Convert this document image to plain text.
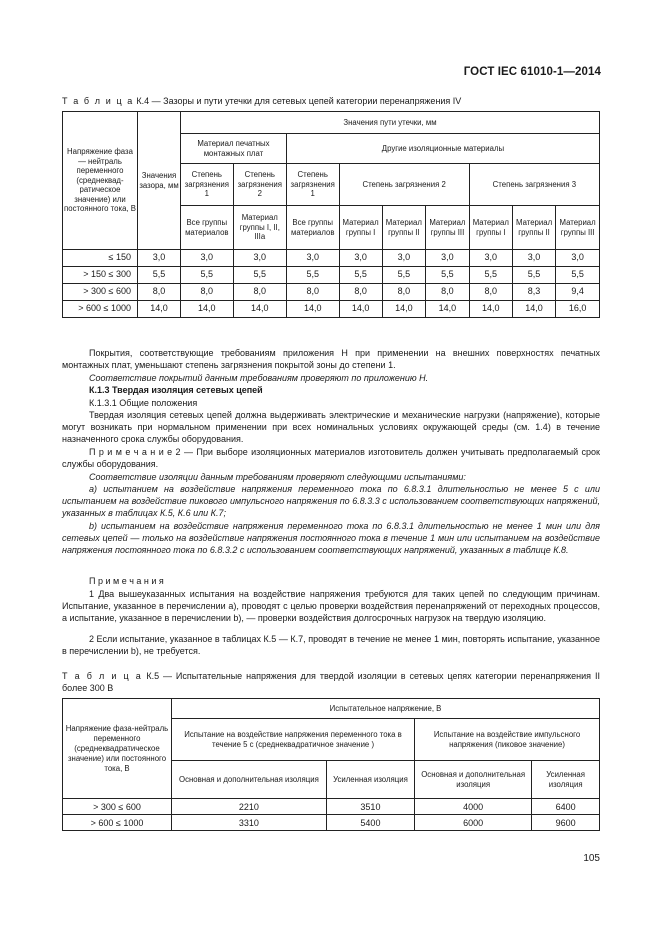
ГОСТ IEC 61010-1—2014
Т а б л и ц а К.4 — Зазоры и пути утечки для сетевых цепей категории перенапряжения IV
Напряжение фаза — нейтраль переменного (среднеквад-ратическое значение) или постоянного тока, В	Значения зазора, мм	Значения пути утечки, мм								
		Материал печатных монтажных плат		Другие изоляционные материалы						
		Степень загрязнения 1	Степень загрязнения 2	Степень загрязнения 1	Степень загрязнения 2			Степень загрязнения 3		
		Все группы материалов	Материал группы I, II, IIIa	Все группы материалов	Материал группы I	Материал группы II	Материал группы III	Материал группы I	Материал группы II	Материал группы III
≤ 150	3,0	3,0	3,0	3,0	3,0	3,0	3,0	3,0	3,0	3,0
> 150 ≤ 300	5,5	5,5	5,5	5,5	5,5	5,5	5,5	5,5	5,5	5,5
> 300 ≤ 600	8,0	8,0	8,0	8,0	8,0	8,0	8,0	8,0	8,3	9,4
> 600 ≤ 1000	14,0	14,0	14,0	14,0	14,0	14,0	14,0	14,0	14,0	16,0
Покрытия, соответствующие требованиям приложения Н при применении на внешних поверхностях печатных монтажных плат, уменьшают степень загрязнения покрытой зоны до степени 1.
Соответствие покрытий данным требованиям проверяют по приложению Н.
К.1.3 Твердая изоляция сетевых цепей
К.1.3.1 Общие положения
Твердая изоляция сетевых цепей должна выдерживать электрические и механические нагрузки (напряжение), которые могут возникать при нормальном применении при всех номинальных условиях окружающей среды (см. 1.4) в течение назначенного срока службы оборудования.
П р и м е ч а н и е 2 — При выборе изоляционных материалов изготовитель должен учитывать предполагаемый срок службы оборудования.
Соответствие изоляции данным требованиям проверяют следующими испытаниями:
а) испытанием на воздействие напряжения переменного тока по 6.8.3.1 длительностью не менее 5 с или испытанием на воздействие пикового импульсного напряжения по 6.8.3.3 с использованием соответствующих напряжений, указанных в таблицах К.5, К.6 или К.7;
b) испытанием на воздействие напряжения переменного тока по 6.8.3.1 длительностью не менее 1 мин или для сетевых цепей — только на воздействие напряжения постоянного тока в течение 1 мин или испытанием на воздействие напряжения постоянного тока по 6.8.3.2 с использованием соответствующих напряжений, указанных в таблице К.8.
П р и м е ч а н и я
1 Два вышеуказанных испытания на воздействие напряжения требуются для таких цепей по следующим причинам. Испытание, указанное в перечислении а), проводят с целью проверки воздействия перенапряжений от переходных процессов, а испытание, указанное в перечислении b), — проверки воздействия долгосрочных нагрузок на твердую изоляцию.
2 Если испытание, указанное в таблицах К.5 — К.7, проводят в течение не менее 1 мин, повторять испытание, указанное в перечислении b), не требуется.
Т а б л и ц а К.5 — Испытательные напряжения для твердой изоляции в сетевых цепях категории перенапряжения II более 300 В
Напряжение фаза-нейтраль переменного (среднеквадратическое значение) или постоянного тока, В	Испытательное напряжение, В			
	Испытание на воздействие напряжения переменного тока в течение 5 с (среднеквадратичное значение )		Испытание на воздействие импульсного напряжения (пиковое значение)	
	Основная и дополнительная изоляция	Усиленная изоляция	Основная и дополнительная изоляция	Усиленная изоляция
> 300 ≤ 600	2210	3510	4000	6400
> 600 ≤ 1000	3310	5400	6000	9600
105
